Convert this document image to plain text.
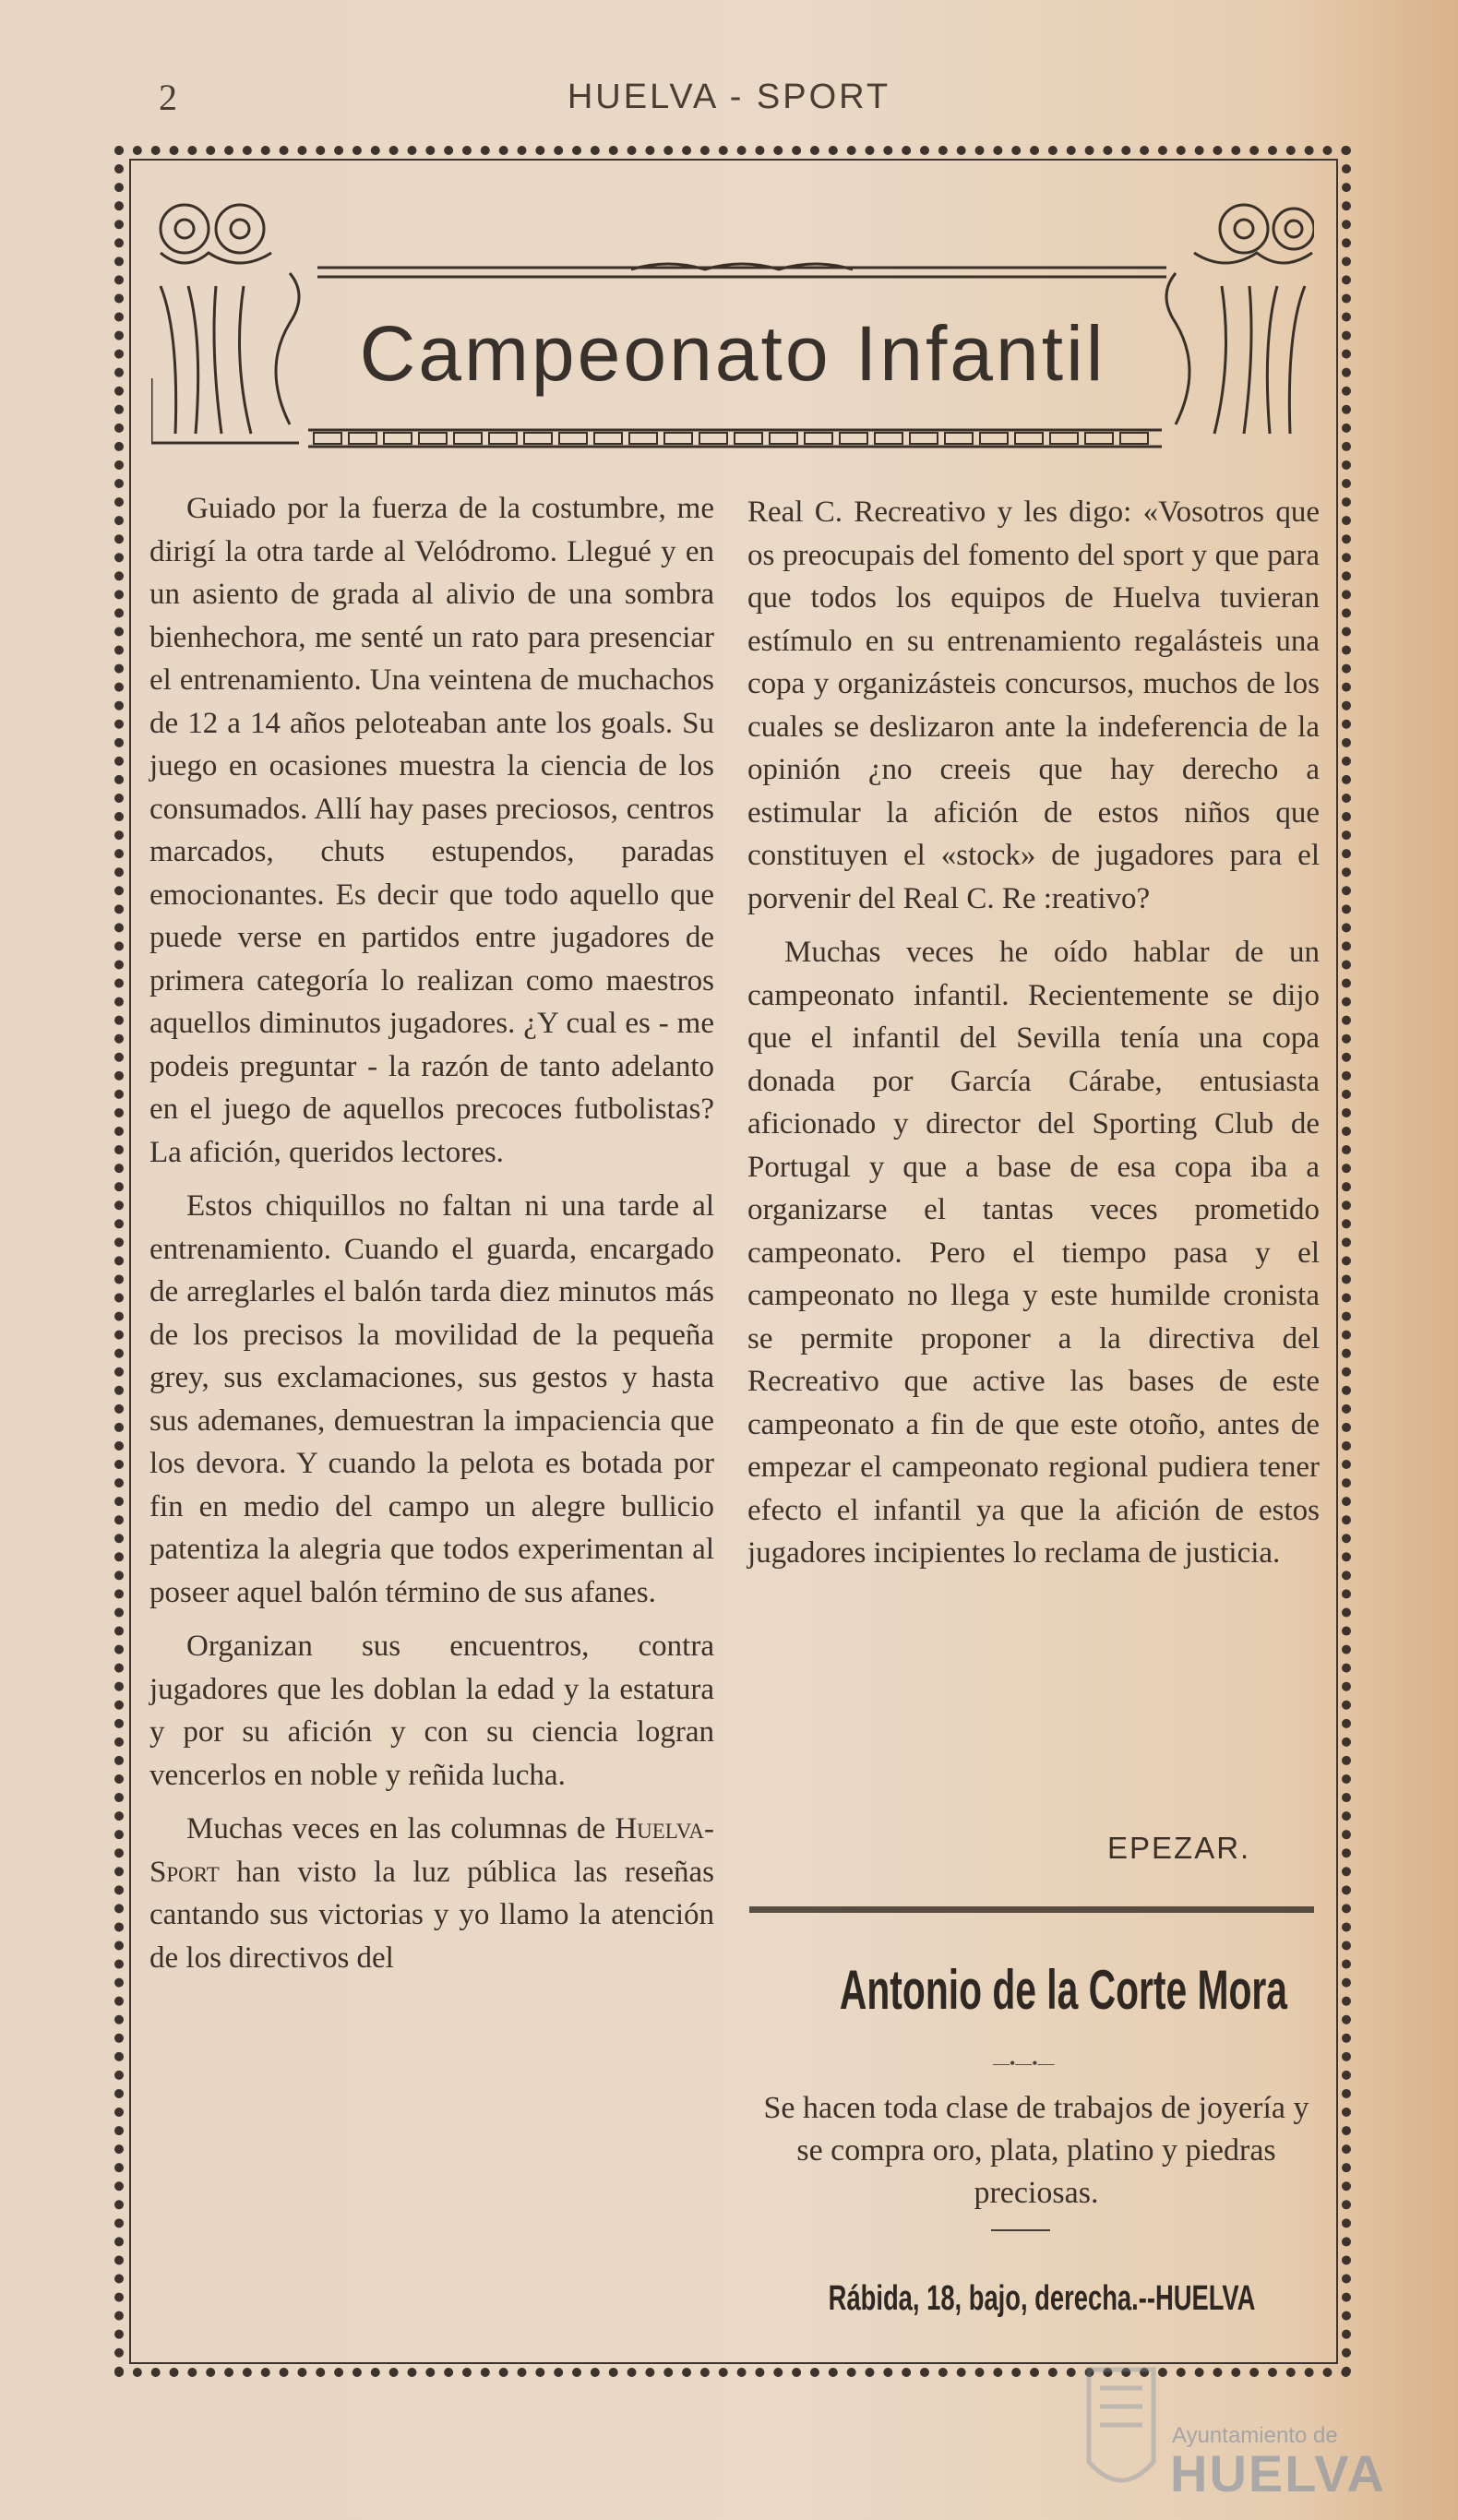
2	HUELVA - SPORT
Campeonato Infantil

Guiado por la fuerza de la costumbre, me dirigí la otra tarde al Velódromo. Llegué y en un asiento de grada al alivio de una sombra bienhechora, me senté un rato para presenciar el entrenamiento. Una veintena de muchachos de 12 a 14 años peloteaban ante los goals. Su juego en ocasiones muestra la ciencia de los consumados. Allí hay pases preciosos, centros marcados, chuts estupendos, paradas emocionantes. Es decir que todo aquello que puede verse en partidos entre jugadores de primera categoría lo realizan como maestros aquellos diminutos jugadores. ¿Y cual es - me podeis preguntar - la razón de tanto adelanto en el juego de aquellos precoces futbolistas? La afición, queridos lectores.

Estos chiquillos no faltan ni una tarde al entrenamiento. Cuando el guarda, encargado de arreglarles el balón tarda diez minutos más de los precisos la movilidad de la pequeña grey, sus exclamaciones, sus gestos y hasta sus ademanes, demuestran la impaciencia que los devora. Y cuando la pelota es botada por fin en medio del campo un alegre bullicio patentiza la alegria que todos experimentan al poseer aquel balón término de sus afanes.

Organizan sus encuentros, contra jugadores que les doblan la edad y la estatura y por su afición y con su ciencia logran vencerlos en noble y reñida lucha.

Muchas veces en las columnas de Huelva-Sport han visto la luz pública las reseñas cantando sus victorias y yo llamo la atención de los directivos del

Real C. Recreativo y les digo: «Vosotros que os preocupais del fomento del sport y que para que todos los equipos de Huelva tuvieran estímulo en su entrenamiento regalásteis una copa y organizásteis concursos, muchos de los cuales se deslizaron ante la indeferencia de la opinión ¿no creeis que hay derecho a estimular la afición de estos niños que constituyen el «stock» de jugadores para el porvenir del Real C. Re :reativo?

Muchas veces he oído hablar de un campeonato infantil. Recientemente se dijo que el infantil del Sevilla tenía una copa donada por García Cárabe, entusiasta aficionado y director del Sporting Club de Portugal y que a base de esa copa iba a organizarse el tantas veces prometido campeonato. Pero el tiempo pasa y el campeonato no llega y este humilde cronista se permite proponer a la directiva del Recreativo que active las bases de este campeonato a fin de que este otoño, antes de empezar el campeonato regional pudiera tener efecto el infantil ya que la afición de estos jugadores incipientes lo reclama de justicia.

EPEZAR.
Antonio de la Corte Mora
—•—•—
Se hacen toda clase de trabajos de joyería y se compra oro, plata, platino y piedras preciosas.
Rábida, 18, bajo, derecha.--HUELVA
Ayuntamiento de
HUELVA
